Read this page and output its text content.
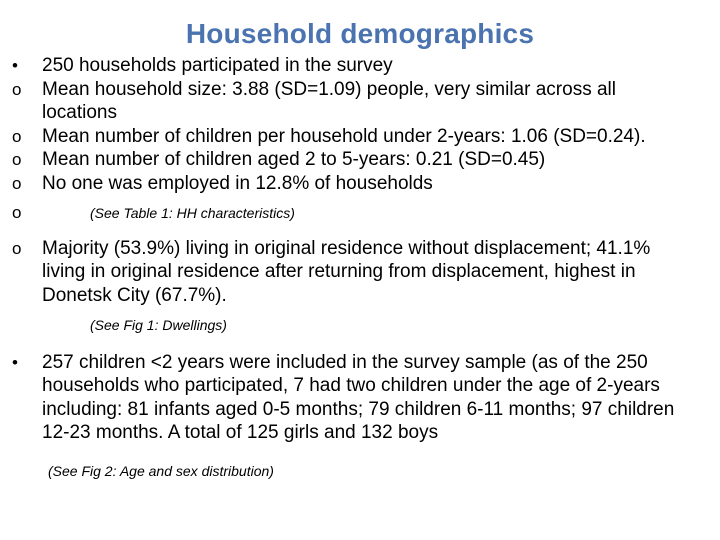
Household demographics
•	250 households participated in the survey
o	Mean household size: 3.88 (SD=1.09) people, very similar across all locations
o	Mean number of children per household under 2-years: 1.06 (SD=0.24).
o	Mean number of children aged 2 to 5-years: 0.21 (SD=0.45)
o	No one was employed in 12.8% of households
o	(See Table 1: HH characteristics)
o	Majority (53.9%) living in original residence without displacement; 41.1% living in original residence after returning from displacement, highest in Donetsk City (67.7%).
(See Fig 1: Dwellings)
•	257 children <2 years were included in the survey sample (as of the 250 households who participated, 7 had two children under the age of 2-years including: 81 infants aged 0-5 months; 79 children 6-11 months; 97 children 12-23 months. A total of 125 girls and 132 boys
(See Fig 2: Age and sex distribution)
